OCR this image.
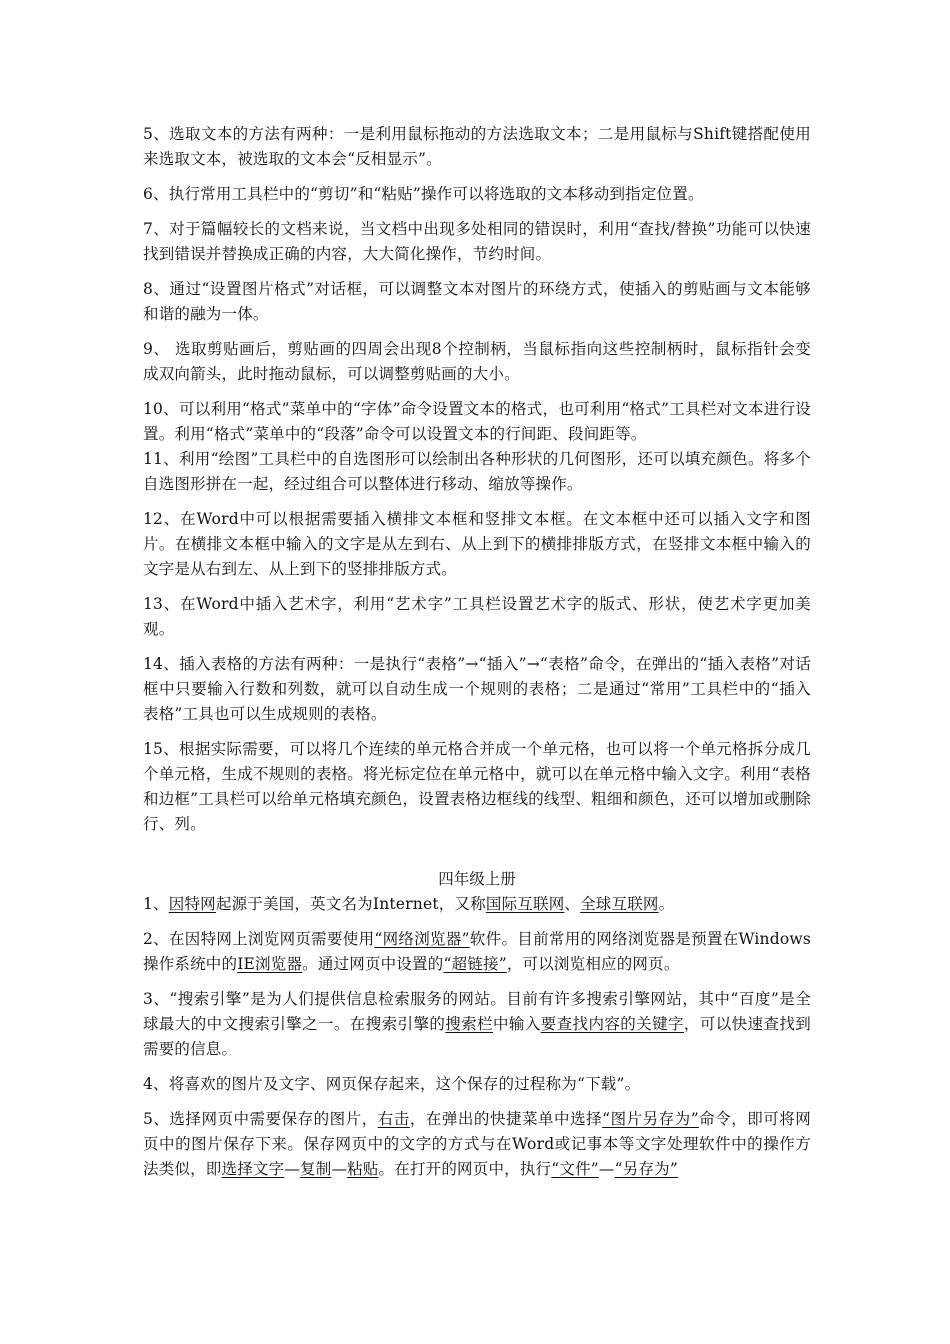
5、选取文本的方法有两种：一是利用鼠标拖动的方法选取文本；二是用鼠标与Shift键搭配使用来选取文本，被选取的文本会“反相显示”。

6、执行常用工具栏中的“剪切”和“粘贴”操作可以将选取的文本移动到指定位置。

7、对于篇幅较长的文档来说，当文档中出现多处相同的错误时，利用“查找/替换”功能可以快速找到错误并替换成正确的内容，大大简化操作，节约时间。

8、通过“设置图片格式”对话框，可以调整文本对图片的环绕方式，使插入的剪贴画与文本能够和谐的融为一体。

9、 选取剪贴画后，剪贴画的四周会出现8个控制柄，当鼠标指向这些控制柄时，鼠标指针会变成双向箭头，此时拖动鼠标，可以调整剪贴画的大小。

10、可以利用“格式”菜单中的“字体”命令设置文本的格式，也可利用“格式”工具栏对文本进行设置。利用“格式”菜单中的“段落”命令可以设置文本的行间距、段间距等。

11、利用“绘图”工具栏中的自选图形可以绘制出各种形状的几何图形，还可以填充颜色。将多个自选图形拼在一起，经过组合可以整体进行移动、缩放等操作。

12、在Word中可以根据需要插入横排文本框和竖排文本框。在文本框中还可以插入文字和图片。在横排文本框中输入的文字是从左到右、从上到下的横排排版方式，在竖排文本框中输入的文字是从右到左、从上到下的竖排排版方式。

13、在Word中插入艺术字，利用“艺术字”工具栏设置艺术字的版式、形状，使艺术字更加美观。

14、插入表格的方法有两种：一是执行“表格”→“插入”→“表格”命令，在弹出的“插入表格”对话框中只要输入行数和列数，就可以自动生成一个规则的表格；二是通过“常用”工具栏中的“插入表格”工具也可以生成规则的表格。

15、根据实际需要，可以将几个连续的单元格合并成一个单元格，也可以将一个单元格拆分成几个单元格，生成不规则的表格。将光标定位在单元格中，就可以在单元格中输入文字。利用“表格和边框”工具栏可以给单元格填充颜色，设置表格边框线的线型、粗细和颜色，还可以增加或删除行、列。

四年级上册

1、因特网起源于美国，英文名为Internet，又称国际互联网、全球互联网。

2、在因特网上浏览网页需要使用“网络浏览器”软件。目前常用的网络浏览器是预置在Windows操作系统中的IE浏览器。通过网页中设置的“超链接”，可以浏览相应的网页。

3、“搜索引擎”是为人们提供信息检索服务的网站。目前有许多搜索引擎网站，其中“百度”是全球最大的中文搜索引擎之一。在搜索引擎的搜索栏中输入要查找内容的关键字，可以快速查找到需要的信息。

4、将喜欢的图片及文字、网页保存起来，这个保存的过程称为“下载”。

5、选择网页中需要保存的图片，右击，在弹出的快捷菜单中选择“图片另存为”命令，即可将网页中的图片保存下来。保存网页中的文字的方式与在Word或记事本等文字处理软件中的操作方法类似，即选择文字—复制—粘贴。在打开的网页中，执行“文件”—“另存为”
